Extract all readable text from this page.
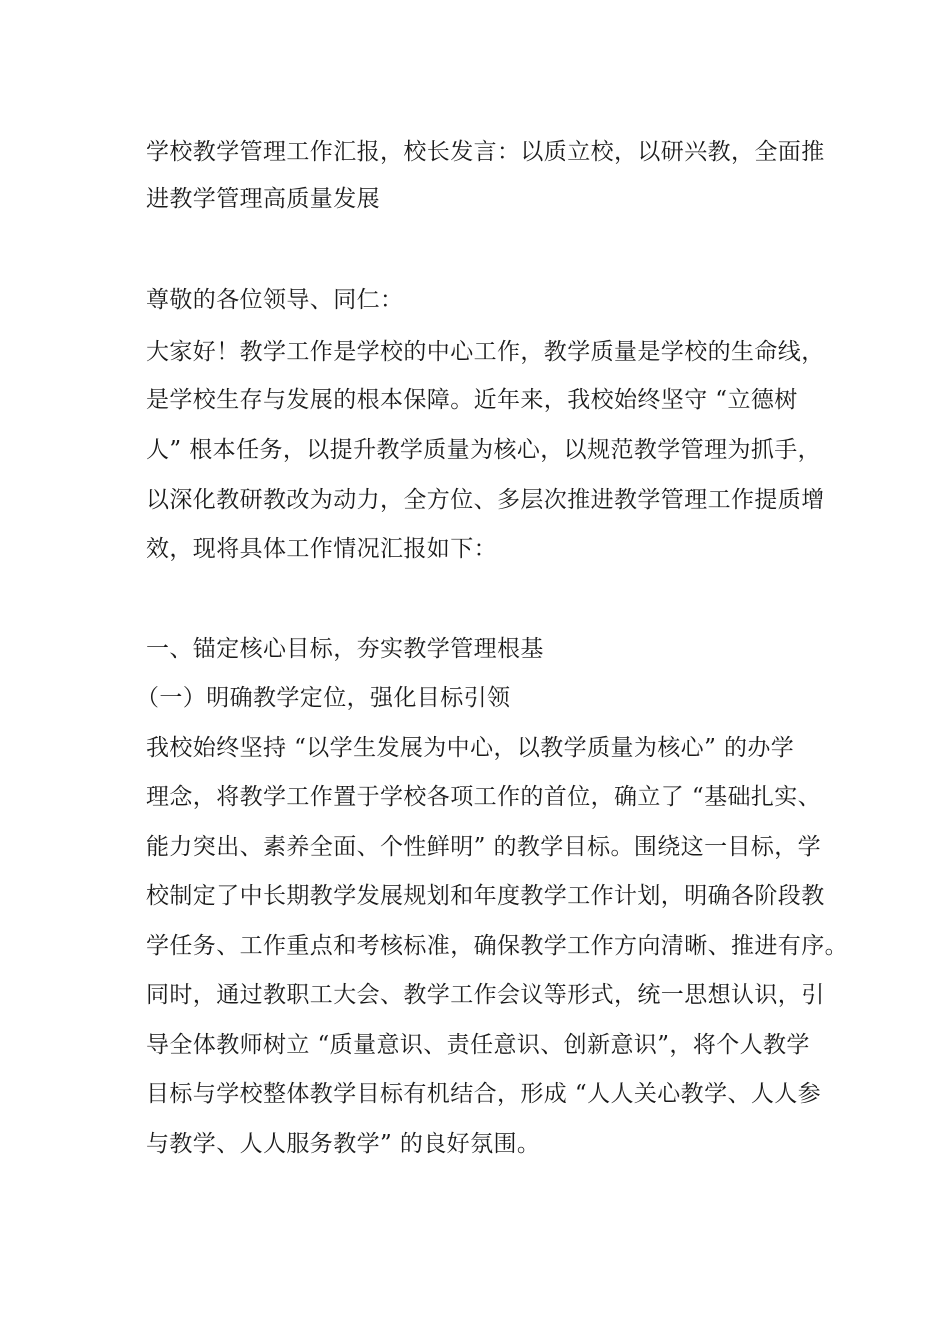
学校教学管理工作汇报，校长发言：以质立校，以研兴教，全面推
进教学管理高质量发展
尊敬的各位领导、同仁：
大家好！教学工作是学校的中心工作，教学质量是学校的生命线，
是学校生存与发展的根本保障。近年来，我校始终坚守 “立德树
人” 根本任务，以提升教学质量为核心，以规范教学管理为抓手，
以深化教研教改为动力，全方位、多层次推进教学管理工作提质增
效，现将具体工作情况汇报如下：
一、锚定核心目标，夯实教学管理根基
（一）明确教学定位，强化目标引领
我校始终坚持 “以学生发展为中心，以教学质量为核心” 的办学
理念，将教学工作置于学校各项工作的首位，确立了 “基础扎实、
能力突出、素养全面、个性鲜明” 的教学目标。围绕这一目标，学
校制定了中长期教学发展规划和年度教学工作计划，明确各阶段教
学任务、工作重点和考核标准，确保教学工作方向清晰、推进有序。
同时，通过教职工大会、教学工作会议等形式，统一思想认识，引
导全体教师树立 “质量意识、责任意识、创新意识”，将个人教学
目标与学校整体教学目标有机结合，形成 “人人关心教学、人人参
与教学、人人服务教学” 的良好氛围。
